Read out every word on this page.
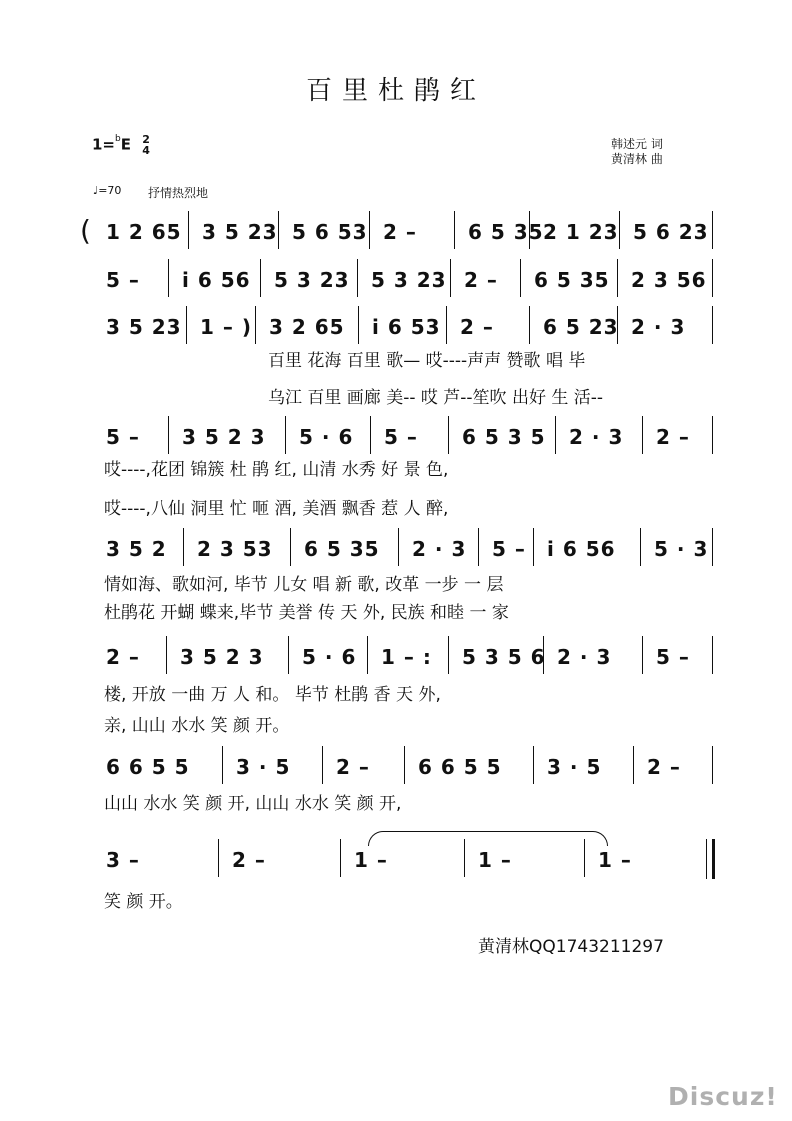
百里杜鹃红
1=$^b$E 2
4	韩述元 词
黄清林 曲
♩=70 抒情热烈地
1 2 65 3 5 23 5 6 53 2 –	6 5 35 2 1 23 5 6 23
5 – i 6 56 5 3 23 5 3 23 2 – 6 5 35 2 3 56
3 5 23 1 – ) 3 2 65 i 6 53 2 – 6 5 23 2 · 3
百里 花海 百里 歌— 哎----声声 赞歌 唱 毕
乌江 百里 画廊 美-- 哎 芦--笙吹 出好 生 活--
5 – 3 5 2 3 5 · 6 5 – 6 5 3 5 2 · 3 2 –
哎----,花团 锦簇 杜 鹃 红, 山清 水秀 好 景 色,
哎----,八仙 洞里 忙 咂 酒, 美酒 飘香 惹 人 醉,
3 5 2 2 3 53 6 5 35 2 · 3 5 – i 6 56 5 · 3
情如海、歌如河, 毕节 儿女 唱 新 歌, 改革 一步 一 层
杜鹃花 开蝴 蝶来,毕节 美誉 传 天 外, 民族 和睦 一 家
2 – 3 5 2 3 5 · 6 1 – : 5 3 5 6 2 · 3 5 –
楼, 开放 一曲 万 人 和。 毕节 杜鹃 香 天 外,
亲, 山山 水水 笑 颜 开。
6 6 5 5 3 · 5 2 – 6 6 5 5 3 · 5 2 –
山山 水水 笑 颜 开, 山山 水水 笑 颜 开,
3 –	2 –	1 –	1 –	1 –
笑 颜 开。
(
黄清林QQ1743211297
Discuz!
